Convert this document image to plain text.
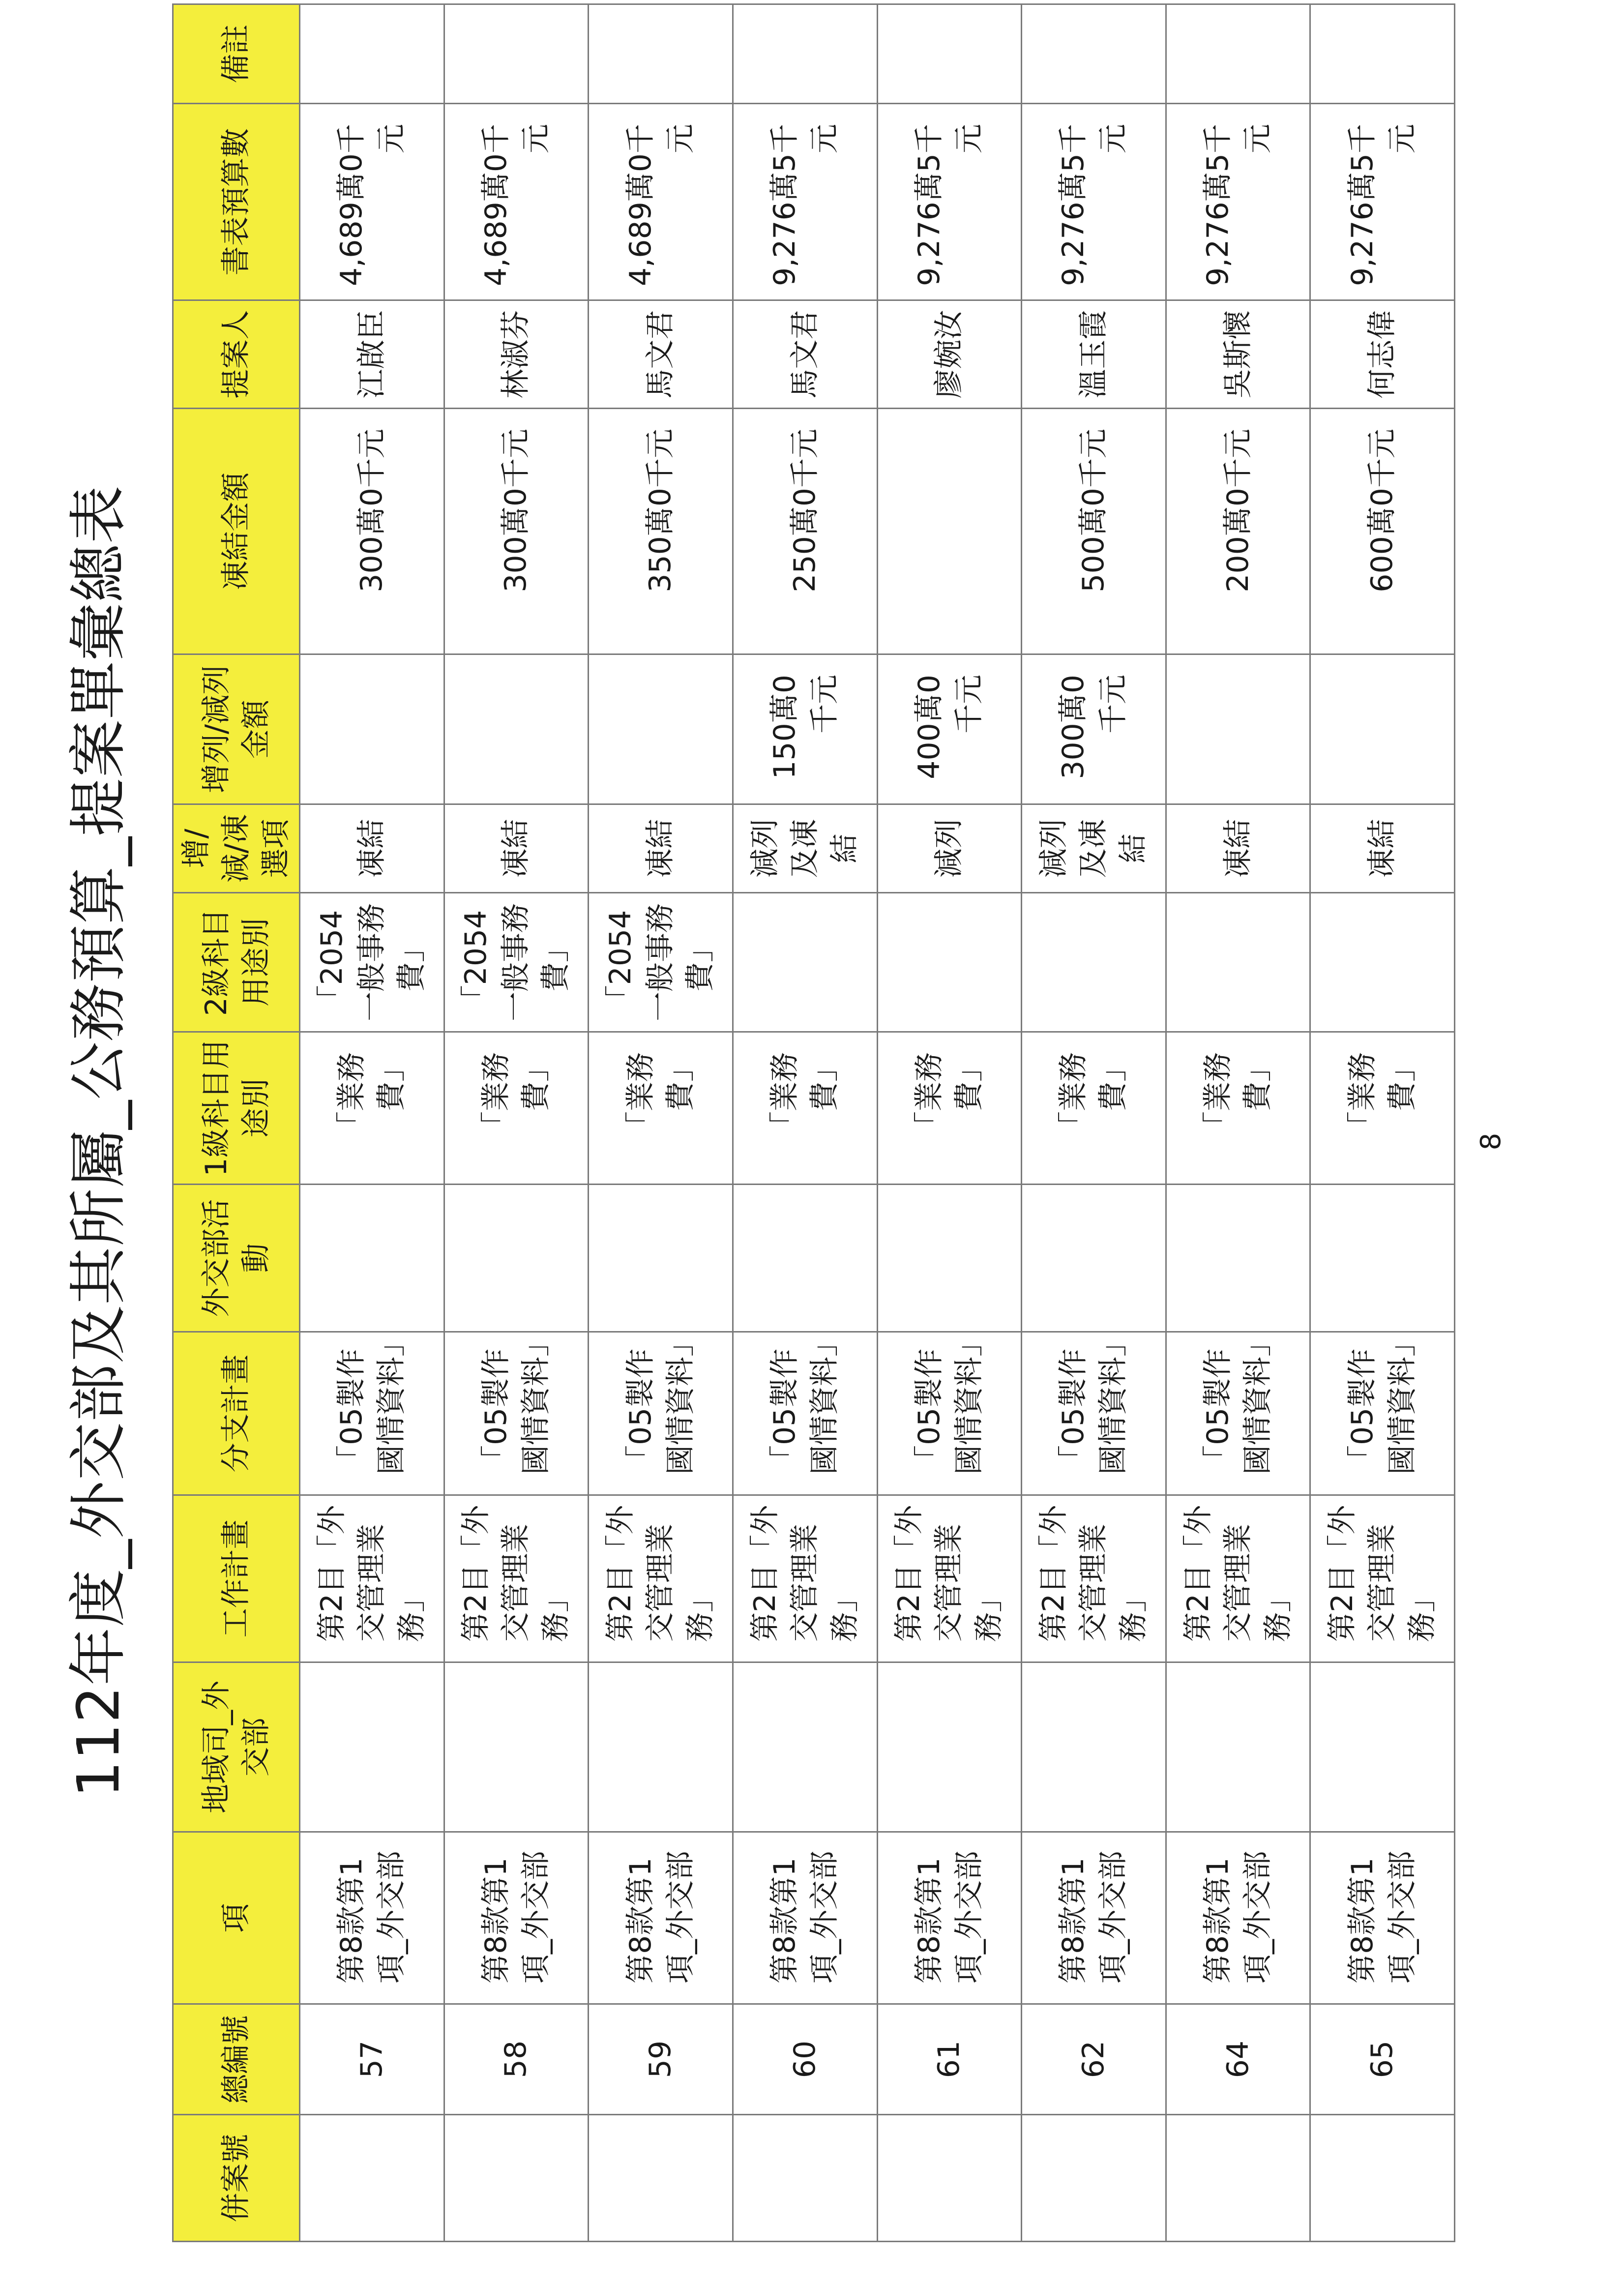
112年度_外交部及其所屬_公務預算_提案單彙總表
併案號	總編號	項	地域司_外交部	工作計畫	分支計畫	外交部活動	1級科目用途別	2級科目用途別	增/減/凍選項	增列/減列金額	凍結金額	提案人	書表預算數	備註
	57	第8款第1項_外交部		第2目「外交管理業務」	「05製作國情資料」		「業務費」	「2054一般事務費」	凍結		300萬0千元	江啟臣	4,689萬0千元	
	58	第8款第1項_外交部		第2目「外交管理業務」	「05製作國情資料」		「業務費」	「2054一般事務費」	凍結		300萬0千元	林淑芬	4,689萬0千元	
	59	第8款第1項_外交部		第2目「外交管理業務」	「05製作國情資料」		「業務費」	「2054一般事務費」	凍結		350萬0千元	馬文君	4,689萬0千元	
	60	第8款第1項_外交部		第2目「外交管理業務」	「05製作國情資料」		「業務費」		減列及凍結	150萬0千元	250萬0千元	馬文君	9,276萬5千元	
	61	第8款第1項_外交部		第2目「外交管理業務」	「05製作國情資料」		「業務費」		減列	400萬0千元		廖婉汝	9,276萬5千元	
	62	第8款第1項_外交部		第2目「外交管理業務」	「05製作國情資料」		「業務費」		減列及凍結	300萬0千元	500萬0千元	溫玉霞	9,276萬5千元	
	64	第8款第1項_外交部		第2目「外交管理業務」	「05製作國情資料」		「業務費」		凍結		200萬0千元	吳斯懷	9,276萬5千元	
	65	第8款第1項_外交部		第2目「外交管理業務」	「05製作國情資料」		「業務費」		凍結		600萬0千元	何志偉	9,276萬5千元	
8
